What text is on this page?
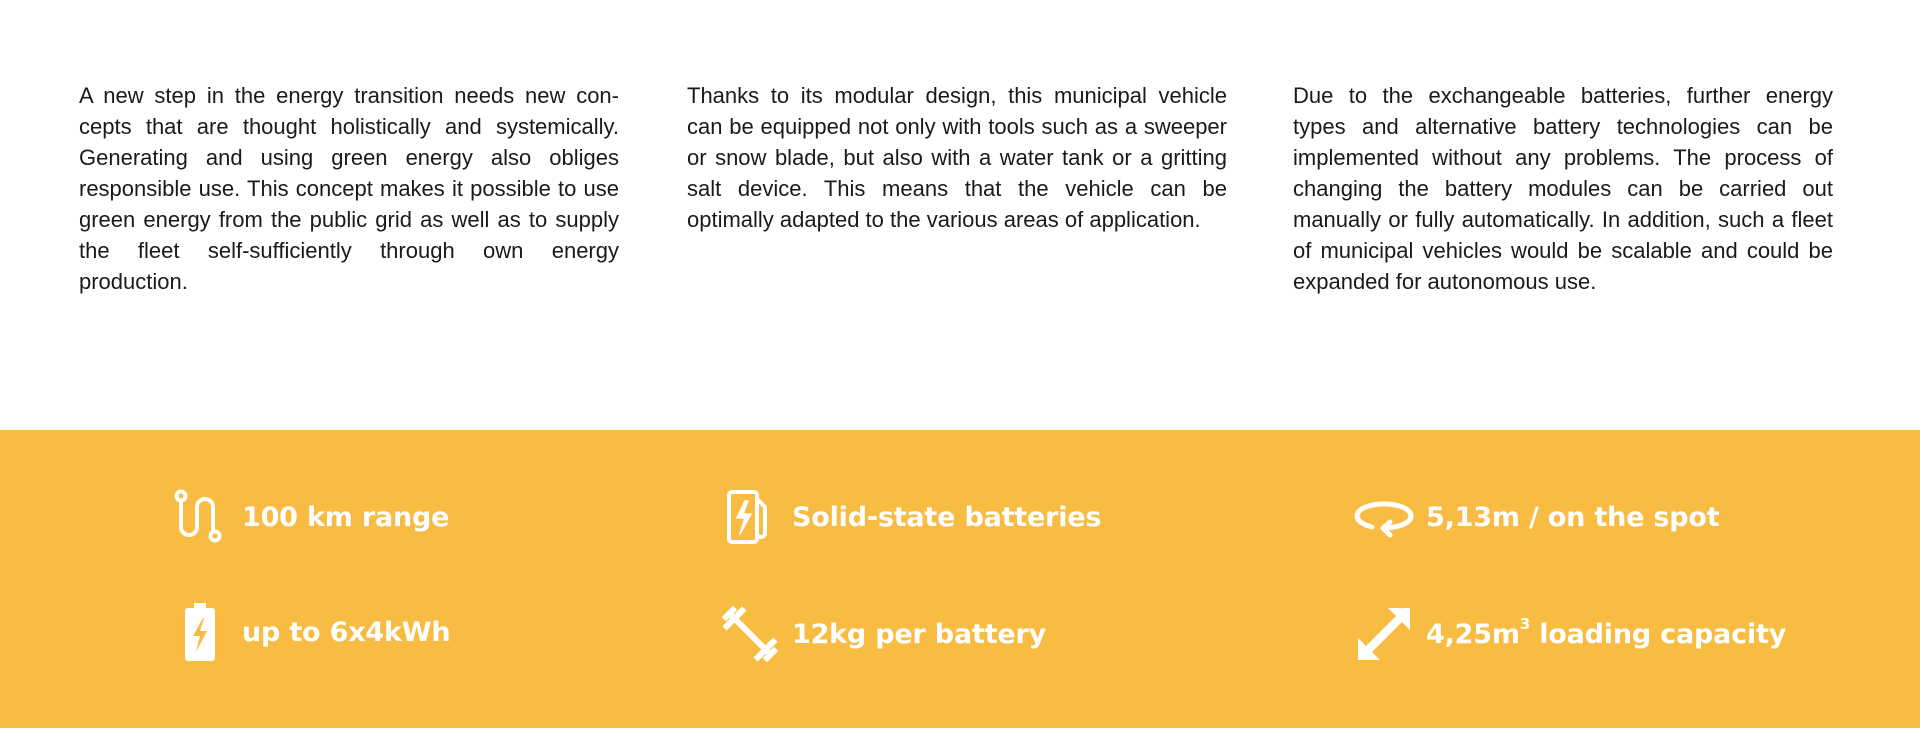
A new step in the energy transition needs new concepts that are thought holistically and systemically. Generating and using green energy also obliges responsible use. This concept makes it possible to use green energy from the public grid as well as to supply the fleet self-sufficiently through own energy production.

Thanks to its modular design, this municipal vehicle can be equipped not only with tools such as a sweeper or snow blade, but also with a water tank or a gritting salt device. This means that the vehicle can be optimally adapted to the various areas of application.

Due to the exchangeable batteries, further energy types and alternative battery technologies can be implemented without any problems. The process of changing the battery modules can be carried out manually or fully automatically. In addition, such a fleet of municipal vehicles would be scalable and could be expanded for autonomous use.

100 km range	Solid-state batteries	5,13m / on the spot
up to 6x4kWh	12kg per battery	$4,25m^3$ loading capacity
